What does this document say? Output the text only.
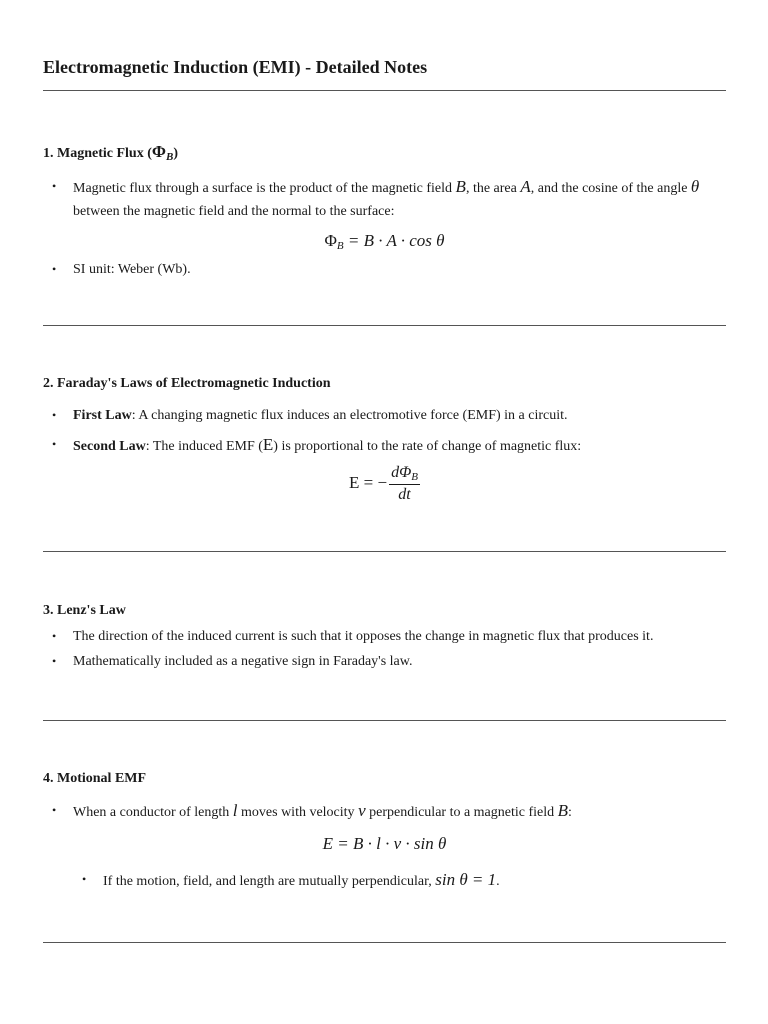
Electromagnetic Induction (EMI) - Detailed Notes

1. Magnetic Flux $(\Phi_B)$

• Magnetic flux through a surface is the product of the magnetic field B, the area A, and the cosine of the angle θ between the magnetic field and the normal to the surface:

$\Phi_B = B \cdot A \cdot \cos \theta$

• SI unit: Weber (Wb).

2. Faraday's Laws of Electromagnetic Induction

• First Law: A changing magnetic flux induces an electromotive force (EMF) in a circuit.
• Second Law: The induced EMF (E) is proportional to the rate of change of magnetic flux:

E = − $\frac{d\Phi_B}{dt}$

3. Lenz's Law

• The direction of the induced current is such that it opposes the change in magnetic flux that produces it.
• Mathematically included as a negative sign in Faraday's law.

4. Motional EMF

• When a conductor of length l moves with velocity v perpendicular to a magnetic field B:

E = B · l · v · sin θ

• If the motion, field, and length are mutually perpendicular, sin θ = 1.
